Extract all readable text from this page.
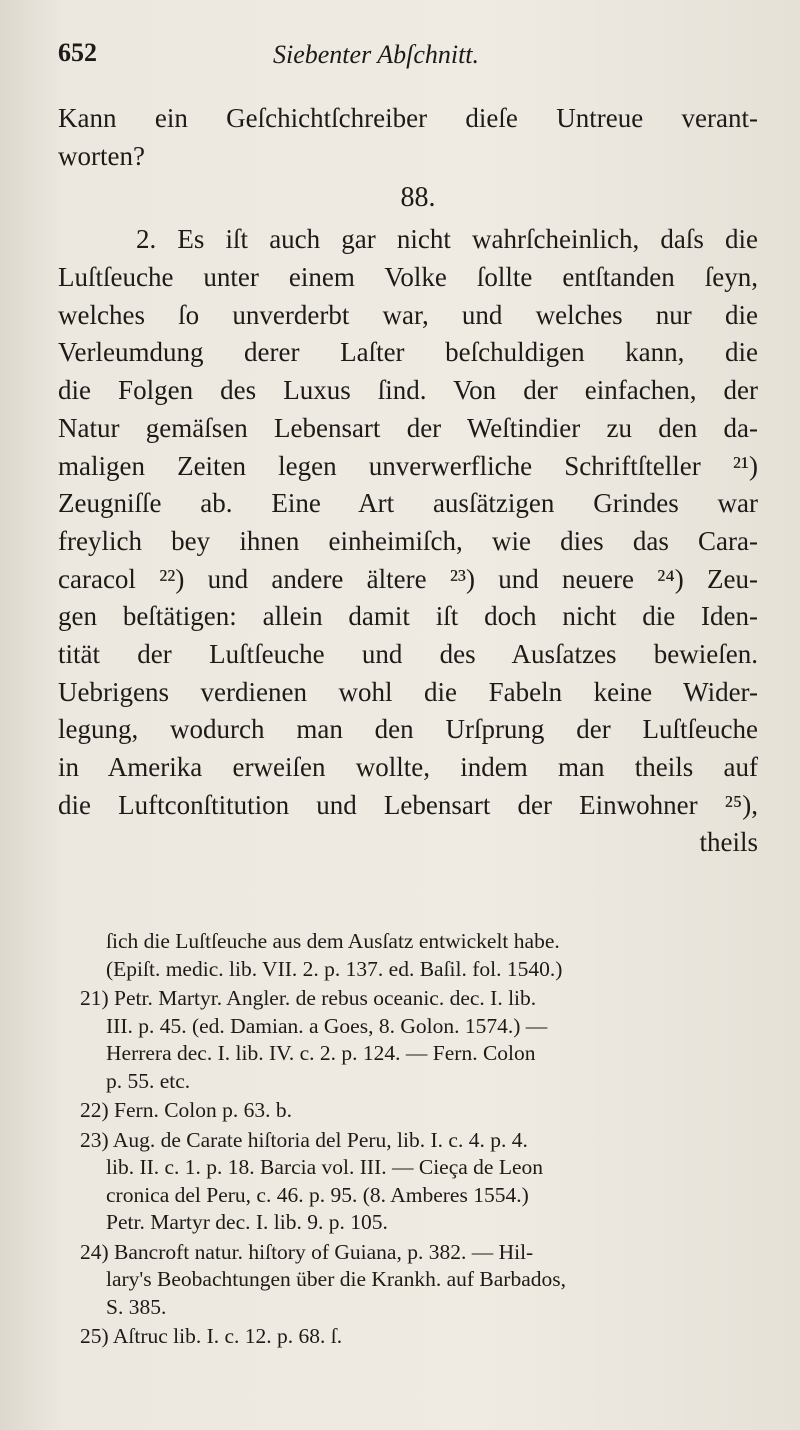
652	Siebenter Abſchnitt.
Kann ein Geſchichtſchreiber dieſe Untreue verant-
worten?
88.
2. Es iſt auch gar nicht wahrſcheinlich, daſs die
Luſtſeuche unter einem Volke ſollte entſtanden ſeyn,
welches ſo unverderbt war, und welches nur die
Verleumdung derer Laſter beſchuldigen kann, die
die Folgen des Luxus ſind. Von der einfachen, der
Natur gemäſsen Lebensart der Weſtindier zu den da-
maligen Zeiten legen unverwerfliche Schriftſteller ²¹)
Zeugniſſe ab. Eine Art ausſätzigen Grindes war
freylich bey ihnen einheimiſch, wie dies das Cara-
caracol ²²) und andere ältere ²³) und neuere ²⁴) Zeu-
gen beſtätigen: allein damit iſt doch nicht die Iden-
tität der Luſtſeuche und des Ausſatzes bewieſen.
Uebrigens verdienen wohl die Fabeln keine Wider-
legung, wodurch man den Urſprung der Luſtſeuche
in Amerika erweiſen wollte, indem man theils auf
die Luftconſtitution und Lebensart der Einwohner ²⁵),
theils
ſich die Luſtſeuche aus dem Ausſatz entwickelt habe.
(Epiſt. medic. lib. VII. 2. p. 137. ed. Baſil. fol. 1540.)
21) Petr. Martyr. Angler. de rebus oceanic. dec. I. lib.
III. p. 45. (ed. Damian. a Goes, 8. Golon. 1574.) —
Herrera dec. I. lib. IV. c. 2. p. 124. — Fern. Colon
p. 55. etc.
22) Fern. Colon p. 63. b.
23) Aug. de Carate hiſtoria del Peru, lib. I. c. 4. p. 4.
lib. II. c. 1. p. 18. Barcia vol. III. — Cieça de Leon
cronica del Peru, c. 46. p. 95. (8. Amberes 1554.)
Petr. Martyr dec. I. lib. 9. p. 105.
24) Bancroft natur. hiſtory of Guiana, p. 382. — Hil-
lary's Beobachtungen über die Krankh. auf Barbados,
S. 385.
25) Aſtruc lib. I. c. 12. p. 68. ſ.
